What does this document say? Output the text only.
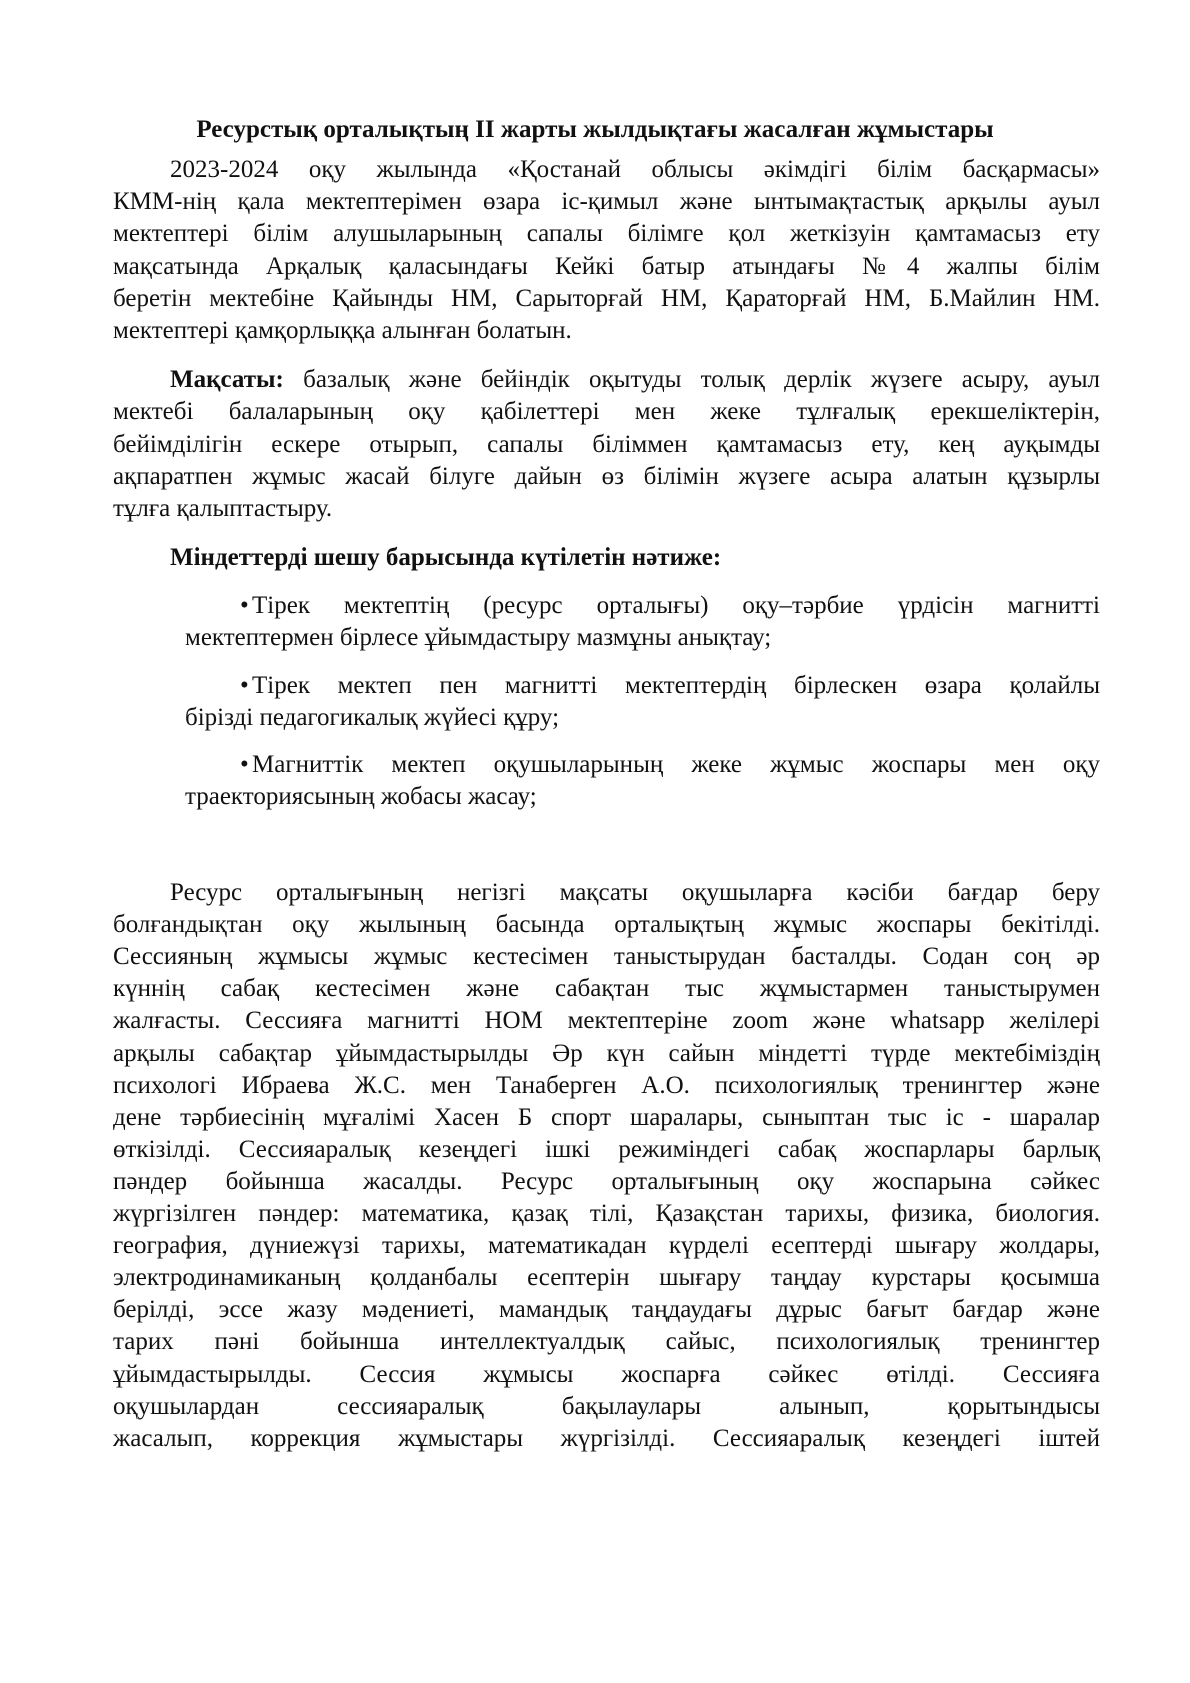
Ресурстық орталықтың ІІ жарты жылдықтағы жасалған жұмыстары
2023-2024 оқу жылында «Қостанай облысы әкімдігі білім басқармасы»
КММ-нің қала мектептерімен өзара іс-қимыл және ынтымақтастық арқылы ауыл
мектептері білім алушыларының сапалы білімге қол жеткізуін қамтамасыз ету
мақсатында Арқалық қаласындағы Кейкі батыр атындағы №4 жалпы білім
беретін мектебіне Қайынды НМ, Сарыторғай НМ, Қараторғай НМ, Б.Майлин НМ.
мектептері қамқорлыққа алынған болатын.
Мақсаты: базалық және бейіндік оқытуды толық дерлік жүзеге асыру, ауыл
мектебі балаларының оқу қабілеттері мен жеке тұлғалық ерекшеліктерін,
бейімділігін ескере отырып, сапалы біліммен қамтамасыз ету, кең ауқымды
ақпаратпен жұмыс жасай білуге дайын өз білімін жүзеге асыра алатын құзырлы
тұлға қалыптастыру.
Міндеттерді шешу барысында күтілетін нәтиже:
• Тірек мектептің (ресурс орталығы) оқу–тәрбие үрдісін магнитті
мектептермен бірлесе ұйымдастыру мазмұны анықтау;
• Тірек мектеп пен магнитті мектептердің бірлескен өзара қолайлы
бірізді педагогикалық жүйесі құру;
• Магниттік мектеп оқушыларының жеке жұмыс жоспары мен оқу
траекториясының жобасы жасау;
Ресурс орталығының негізгі мақсаты оқушыларға кәсіби бағдар беру
болғандықтан оқу жылының басында орталықтың жұмыс жоспары бекітілді.
Сессияның жұмысы жұмыс кестесімен таныстырудан басталды. Содан соң әр
күннің сабақ кестесімен және сабақтан тыс жұмыстармен таныстырумен
жалғасты. Сессияға магнитті НОМ мектептеріне zoom және whatsapp желілері
арқылы сабақтар ұйымдастырылды Әр күн сайын міндетті түрде мектебіміздің
психологі Ибраева Ж.С. мен Танаберген А.О. психологиялық тренингтер және
дене тәрбиесінің мұғалімі Хасен Б спорт шаралары, сыныптан тыс іс - шаралар
өткізілді. Сессияаралық кезеңдегі ішкі режиміндегі сабақ жоспарлары барлық
пәндер бойынша жасалды. Ресурс орталығының оқу жоспарына сәйкес
жүргізілген пәндер: математика, қазақ тілі, Қазақстан тарихы, физика, биология.
география, дүниежүзі тарихы, математикадан күрделі есептерді шығару жолдары,
электродинамиканың қолданбалы есептерін шығару таңдау курстары қосымша
берілді, эссе жазу мәдениеті, мамандық таңдаудағы дұрыс бағыт бағдар және
тарих пәні бойынша интеллектуалдық сайыс, психологиялық тренингтер
ұйымдастырылды. Сессия жұмысы жоспарға сәйкес өтілді. Сессияға
оқушылардан сессияаралық бақылаулары алынып, қорытындысы
жасалып, коррекция жұмыстары жүргізілді. Сессияаралық кезеңдегі іштей
